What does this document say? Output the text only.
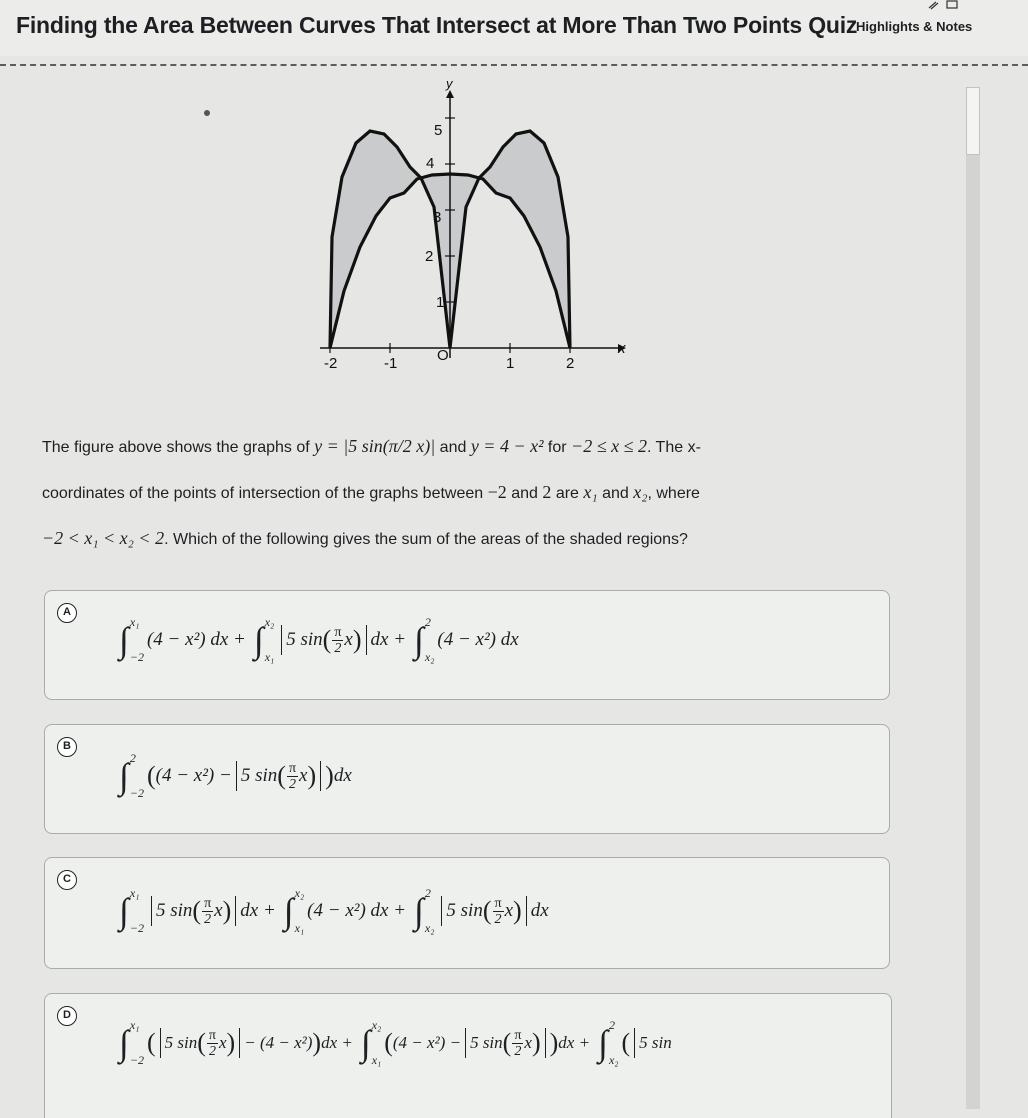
Finding the Area Between Curves That Intersect at More Than Two Points Quiz
Highlights & Notes
-2	-1	O	1	2
1
2
3
4
5
x
y
The figure above shows the graphs of y = |5 sin(π/2 x)| and y = 4 − x² for −2 ≤ x ≤ 2. The x-
coordinates of the points of intersection of the graphs between −2 and 2 are x₁ and x₂, where
−2 < x₁ < x₂ < 2. Which of the following gives the sum of the areas of the shaded regions?
A
∫ x₁
−2
(4 − x²) dx + ∫ x₂
x₁
5 sin ( $\frac{\pi}{2}$ x ) dx + ∫ 2
x₂
(4 − x²) dx
B
∫ 2
−2
( (4 − x²) − 5 sin ( $\frac{\pi}{2}$ x ) ) dx
C
∫ x₁
−2
5 sin ( $\frac{\pi}{2}$ x ) dx + ∫ x₂
x₁
(4 − x²) dx + ∫ 2
x₂
5 sin ( $\frac{\pi}{2}$ x ) dx
D
∫ x₁
−2
( 5 sin ( $\frac{\pi}{2}$ x ) − (4 − x²) ) dx + ∫ x₂
x₁
( (4 − x²) − 5 sin ( $\frac{\pi}{2}$ x ) ) dx + ∫ 2
x₂
( 5 sin
